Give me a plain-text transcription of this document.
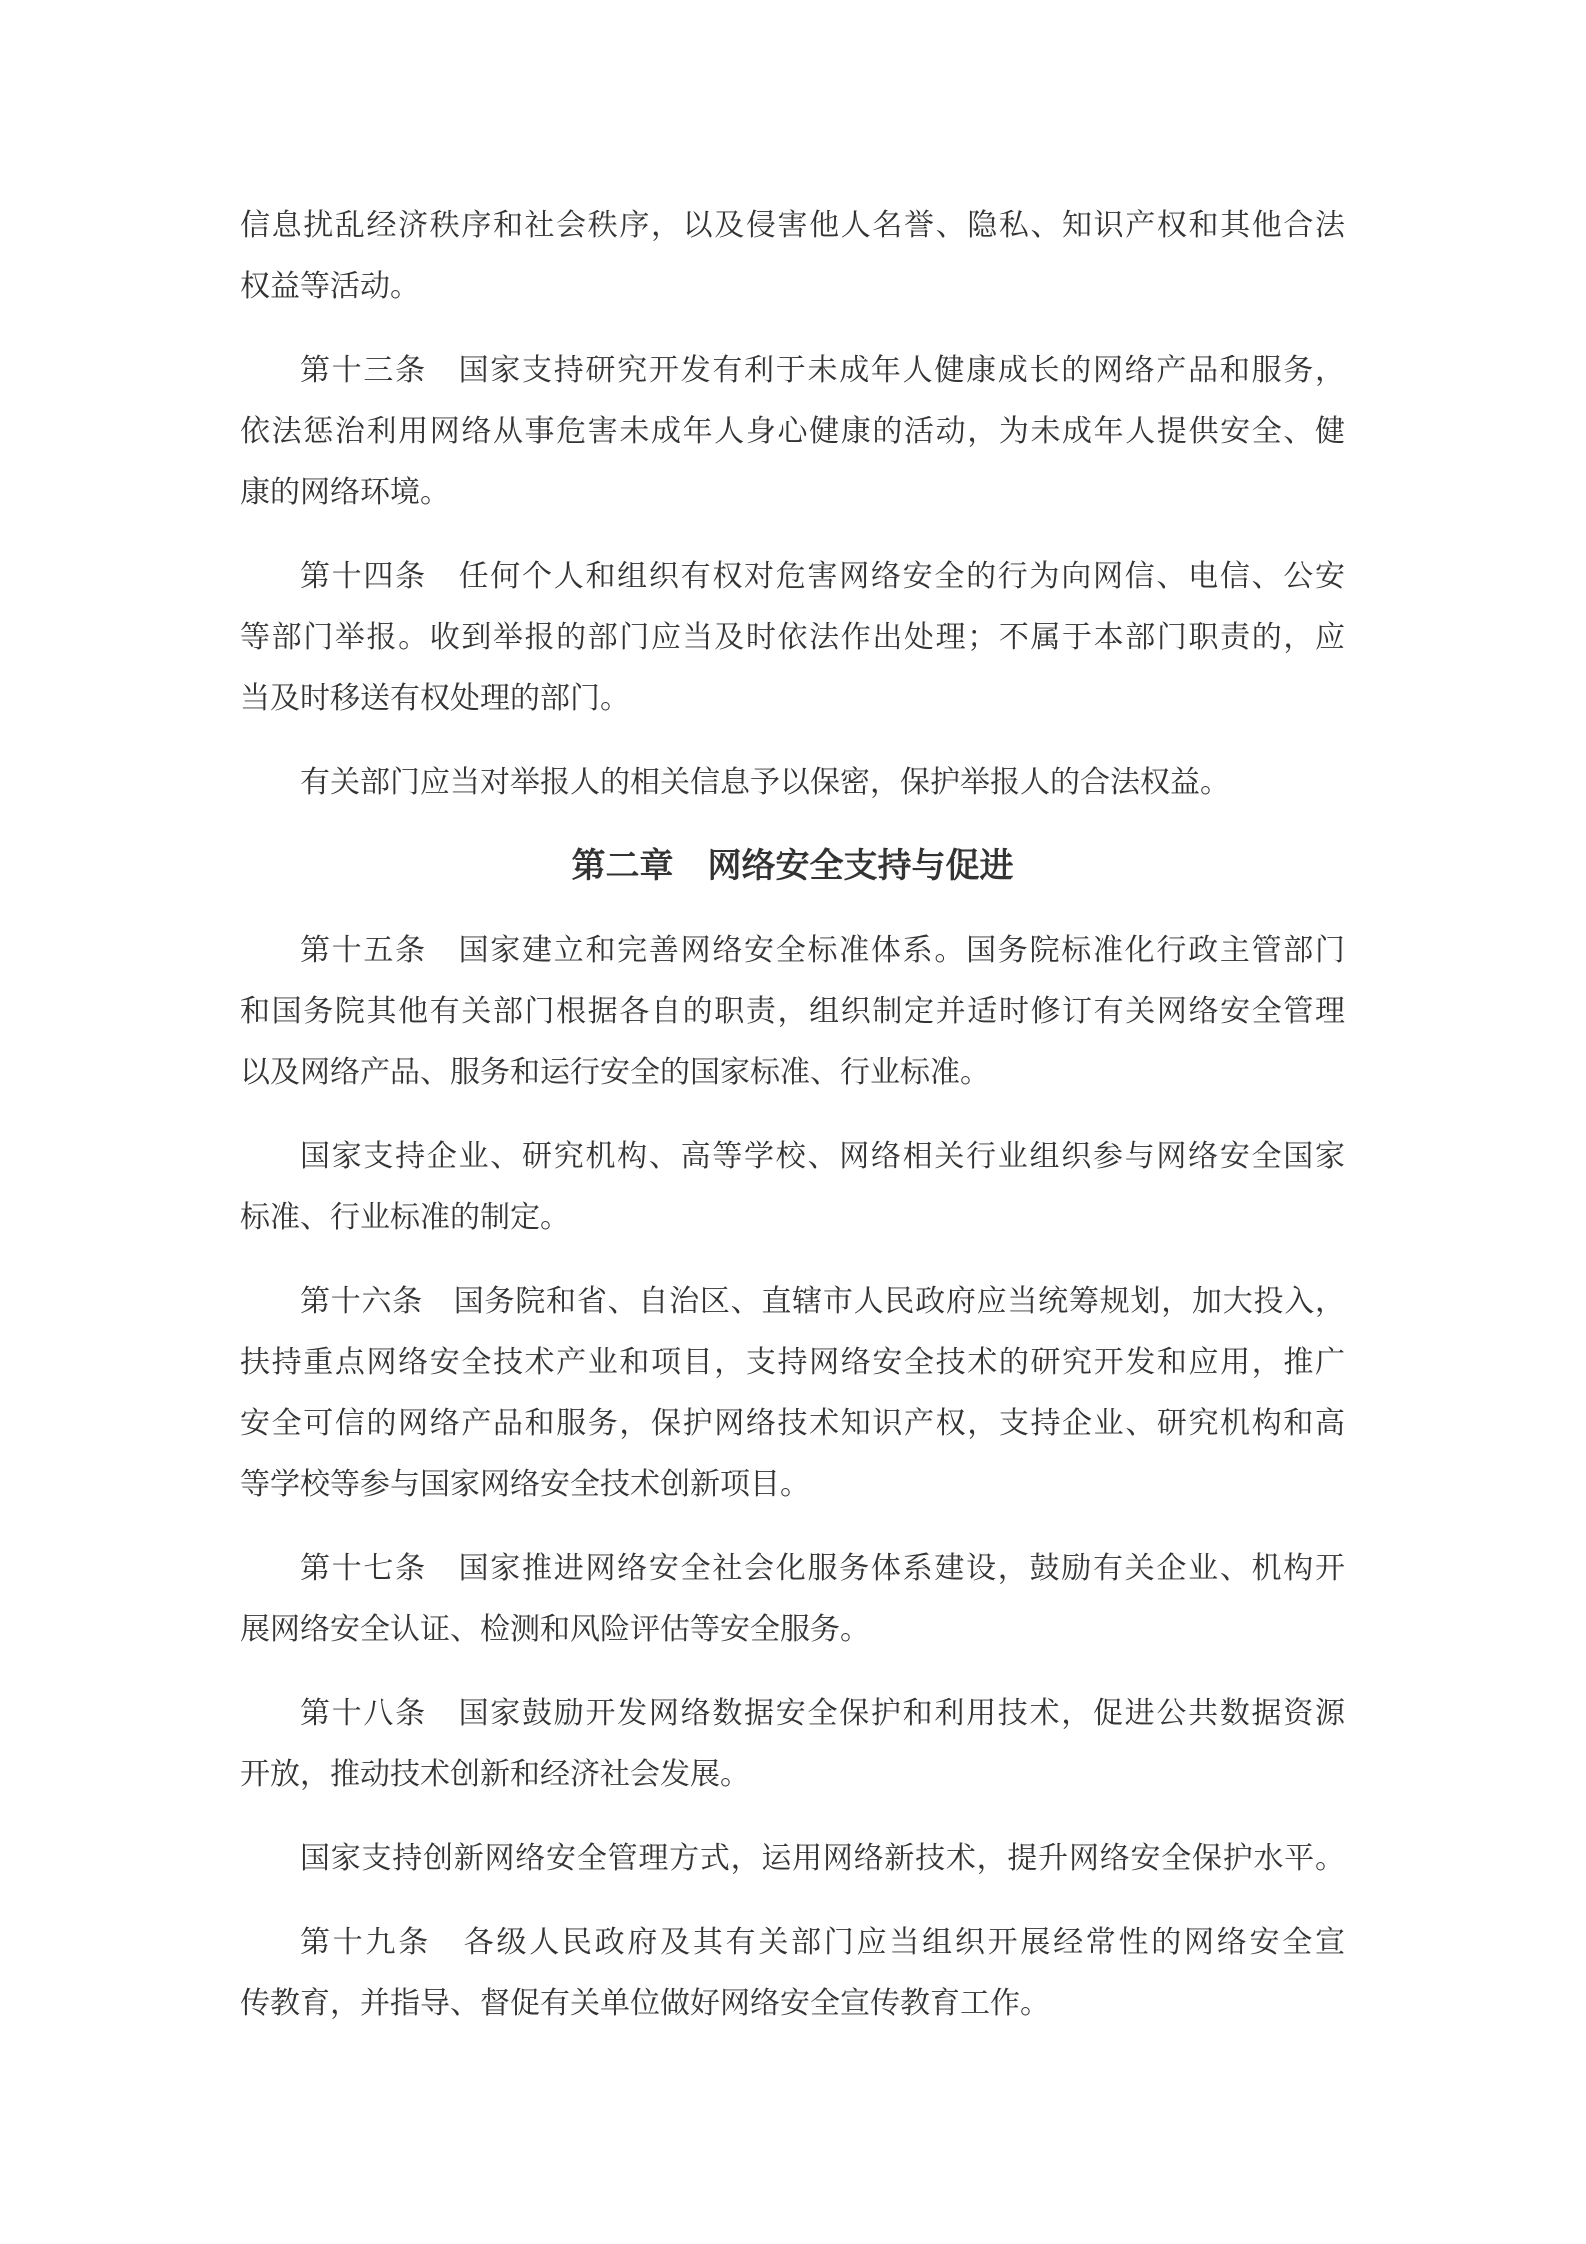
信息扰乱经济秩序和社会秩序，以及侵害他人名誉、隐私、知识产权和其他合法
权益等活动。
第十三条　国家支持研究开发有利于未成年人健康成长的网络产品和服务，
依法惩治利用网络从事危害未成年人身心健康的活动，为未成年人提供安全、健
康的网络环境。
第十四条　任何个人和组织有权对危害网络安全的行为向网信、电信、公安
等部门举报。收到举报的部门应当及时依法作出处理；不属于本部门职责的，应
当及时移送有权处理的部门。
有关部门应当对举报人的相关信息予以保密，保护举报人的合法权益。
第二章　网络安全支持与促进
第十五条　国家建立和完善网络安全标准体系。国务院标准化行政主管部门
和国务院其他有关部门根据各自的职责，组织制定并适时修订有关网络安全管理
以及网络产品、服务和运行安全的国家标准、行业标准。
国家支持企业、研究机构、高等学校、网络相关行业组织参与网络安全国家
标准、行业标准的制定。
第十六条　国务院和省、自治区、直辖市人民政府应当统筹规划，加大投入，
扶持重点网络安全技术产业和项目，支持网络安全技术的研究开发和应用，推广
安全可信的网络产品和服务，保护网络技术知识产权，支持企业、研究机构和高
等学校等参与国家网络安全技术创新项目。
第十七条　国家推进网络安全社会化服务体系建设，鼓励有关企业、机构开
展网络安全认证、检测和风险评估等安全服务。
第十八条　国家鼓励开发网络数据安全保护和利用技术，促进公共数据资源
开放，推动技术创新和经济社会发展。
国家支持创新网络安全管理方式，运用网络新技术，提升网络安全保护水平。
第十九条　各级人民政府及其有关部门应当组织开展经常性的网络安全宣
传教育，并指导、督促有关单位做好网络安全宣传教育工作。
